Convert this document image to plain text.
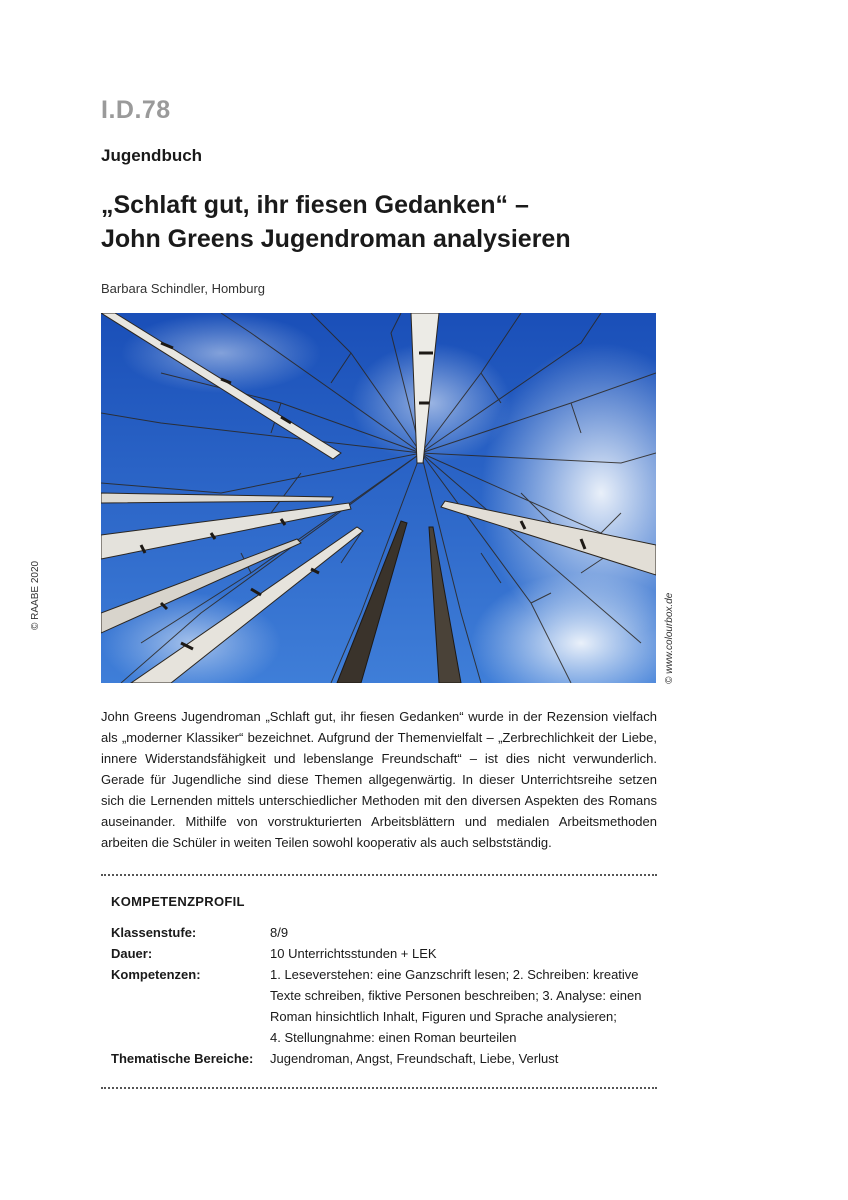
I.D.78
Jugendbuch
„Schlaft gut, ihr fiesen Gedanken“ –
John Greens Jugendroman analysieren
Barbara Schindler, Homburg
© RAABE 2020	© www.colourbox.de
John Greens Jugendroman „Schlaft gut, ihr fiesen Gedanken“ wurde in der Rezension vielfach als „moderner Klassiker“ bezeichnet. Aufgrund der Themenvielfalt – „Zerbrechlichkeit der Liebe, innere Widerstandsfähigkeit und lebenslange Freundschaft“ – ist dies nicht verwunderlich. Gerade für Jugendliche sind diese Themen allgegenwärtig. In dieser Unterrichtsreihe setzen sich die Lernenden mittels unterschiedlicher Methoden mit den diversen Aspekten des Romans auseinander. Mithilfe von vorstrukturierten Arbeitsblättern und medialen Arbeitsmethoden arbeiten die Schüler in weiten Teilen sowohl kooperativ als auch selbstständig.
KOMPETENZPROFIL
Klassenstufe:	8/9
Dauer:	10 Unterrichtsstunden + LEK
Kompetenzen:	1. Leseverstehen: eine Ganzschrift lesen; 2. Schreiben: kreative Texte schreiben, fiktive Personen beschreiben; 3. Analyse: einen Roman hinsichtlich Inhalt, Figuren und Sprache analysieren;
4. Stellungnahme: einen Roman beurteilen
Thematische Bereiche:	Jugendroman, Angst, Freundschaft, Liebe, Verlust
